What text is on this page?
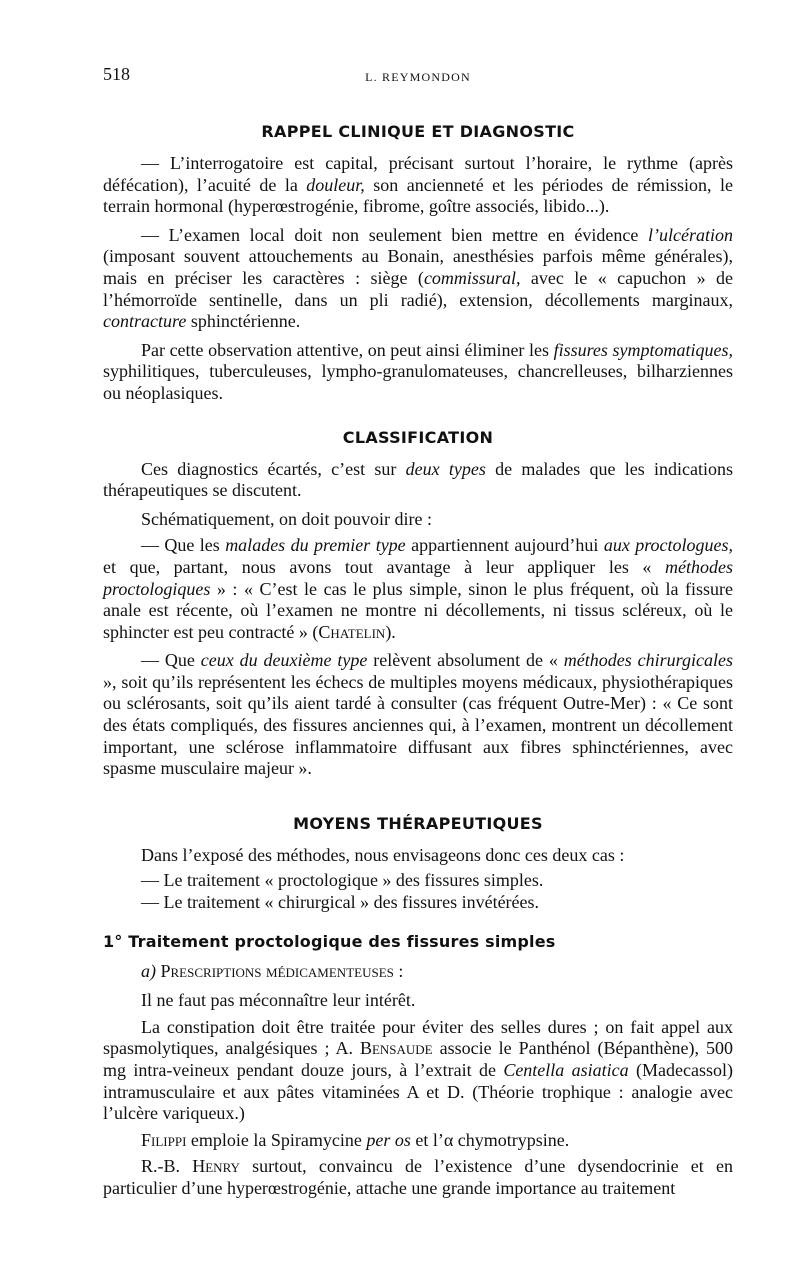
518	L. REYMONDON
RAPPEL CLINIQUE ET DIAGNOSTIC

— L’interrogatoire est capital, précisant surtout l’horaire, le rythme (après défécation), l’acuité de la douleur, son ancienneté et les périodes de rémission, le terrain hormonal (hyperœstrogénie, fibrome, goître associés, libido...).

— L’examen local doit non seulement bien mettre en évidence l’ulcération (imposant souvent attouchements au Bonain, anesthésies parfois même générales), mais en préciser les caractères : siège (commissural, avec le « capuchon » de l’hémorroïde sentinelle, dans un pli radié), extension, décollements marginaux, contracture sphinctérienne.

Par cette observation attentive, on peut ainsi éliminer les fissures symptomatiques, syphilitiques, tuberculeuses, lympho-granulomateuses, chancrelleuses, bilharziennes ou néoplasiques.

CLASSIFICATION

Ces diagnostics écartés, c’est sur deux types de malades que les indications thérapeutiques se discutent.

Schématiquement, on doit pouvoir dire :

— Que les malades du premier type appartiennent aujourd’hui aux proctologues, et que, partant, nous avons tout avantage à leur appliquer les « méthodes proctologiques » : « C’est le cas le plus simple, sinon le plus fréquent, où la fissure anale est récente, où l’examen ne montre ni décollements, ni tissus scléreux, où le sphincter est peu contracté » (Chatelin).

— Que ceux du deuxième type relèvent absolument de « méthodes chirurgicales », soit qu’ils représentent les échecs de multiples moyens médicaux, physiothérapiques ou sclérosants, soit qu’ils aient tardé à consulter (cas fréquent Outre-Mer) : « Ce sont des états compliqués, des fissures anciennes qui, à l’examen, montrent un décollement important, une sclérose inflammatoire diffusant aux fibres sphinctériennes, avec spasme musculaire majeur ».

MOYENS THÉRAPEUTIQUES

Dans l’exposé des méthodes, nous envisageons donc ces deux cas :

— Le traitement « proctologique » des fissures simples.

— Le traitement « chirurgical » des fissures invétérées.

1° Traitement proctologique des fissures simples

a) Prescriptions médicamenteuses :

Il ne faut pas méconnaître leur intérêt.

La constipation doit être traitée pour éviter des selles dures ; on fait appel aux spasmolytiques, analgésiques ; A. Bensaude associe le Panthénol (Bépanthène), 500 mg intra-veineux pendant douze jours, à l’extrait de Centella asiatica (Madecassol) intramusculaire et aux pâtes vitaminées A et D. (Théorie trophique : analogie avec l’ulcère variqueux.)

Filippi emploie la Spiramycine per os et l’α chymotrypsine.

R.-B. Henry surtout, convaincu de l’existence d’une dysendocrinie et en particulier d’une hyperœstrogénie, attache une grande importance au traitement
